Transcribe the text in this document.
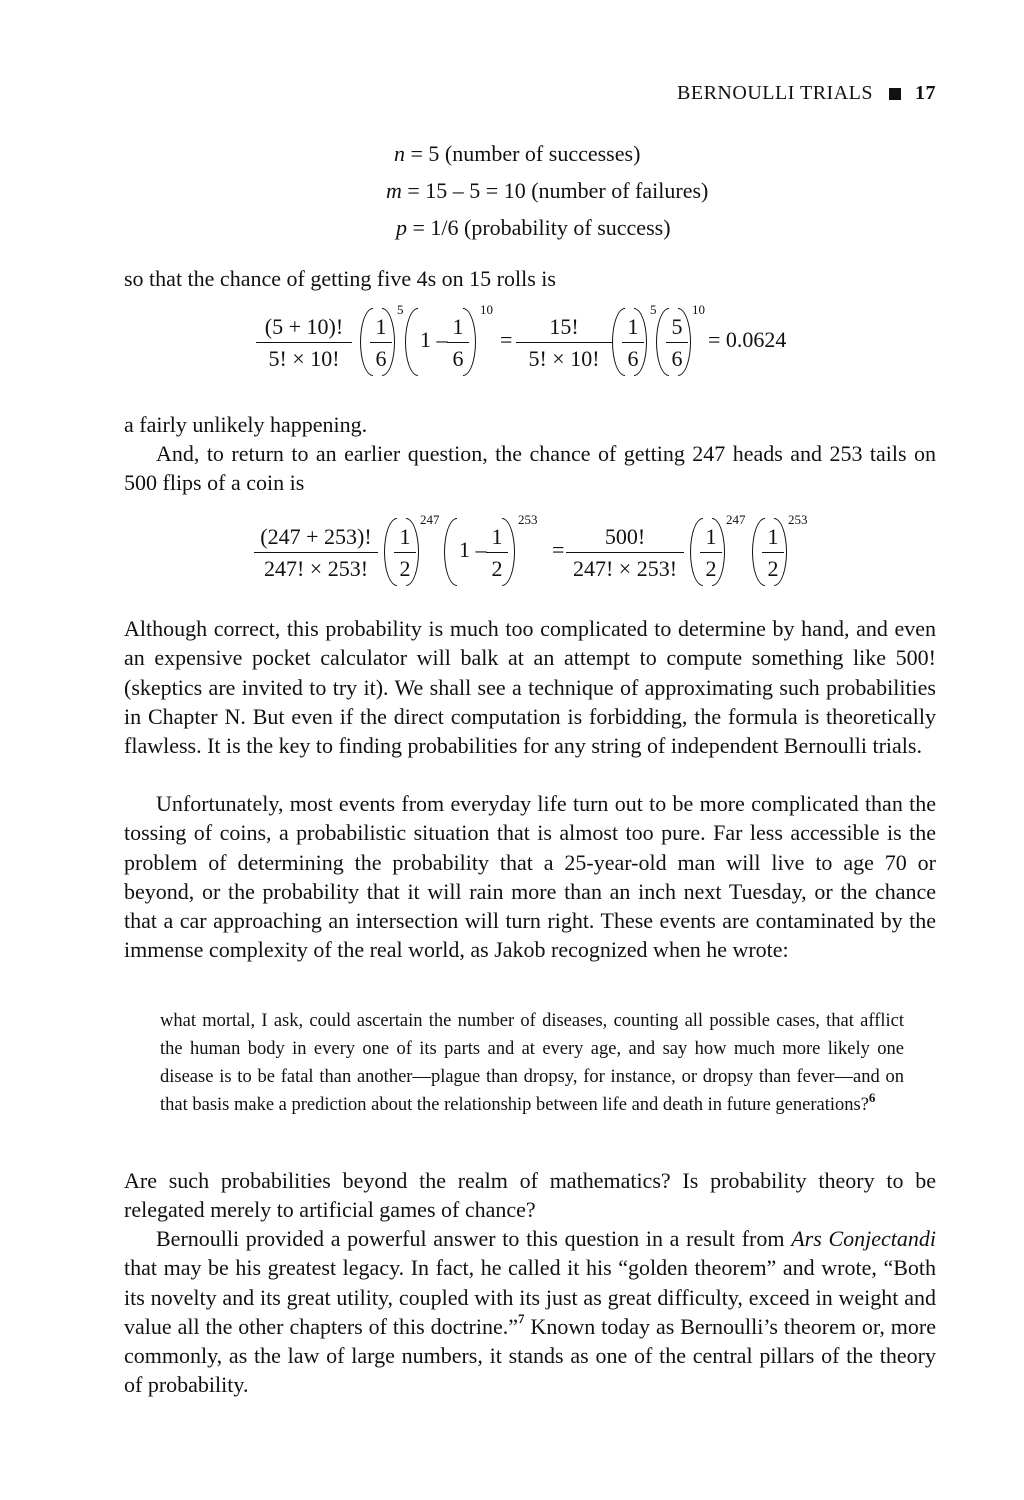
BERNOULLI TRIALS 17
n = 5 (number of successes)
m = 15 – 5 = 10 (number of failures)
p = 1/6 (probability of success)
so that the chance of getting five 4s on 15 rolls is
(5 + 10)!
5! × 10!
1
6
5
1 –
1
6
10
=
15!
5! × 10!
1
6
5
5
6
10
= 0.0624
a fairly unlikely happening.
And, to return to an earlier question, the chance of getting 247 heads and 253 tails on 500 flips of a coin is
(247 + 253)!
247! × 253!
1
2
247
1 –
1
2
253
=
500!
247! × 253!
1
2
247
1
2
253
Although correct, this probability is much too complicated to determine by hand, and even an expensive pocket calculator will balk at an attempt to compute something like 500! (skeptics are invited to try it). We shall see a technique of approximating such probabilities in Chapter N. But even if the direct computation is forbidding, the formula is theoretically flawless. It is the key to finding probabilities for any string of independent Bernoulli trials.
Unfortunately, most events from everyday life turn out to be more complicated than the tossing of coins, a probabilistic situation that is almost too pure. Far less accessible is the problem of determining the probability that a 25-year-old man will live to age 70 or beyond, or the probability that it will rain more than an inch next Tuesday, or the chance that a car approaching an intersection will turn right. These events are contaminated by the immense complexity of the real world, as Jakob recognized when he wrote:
what mortal, I ask, could ascertain the number of diseases, counting all possible cases, that afflict the human body in every one of its parts and at every age, and say how much more likely one disease is to be fatal than another—plague than dropsy, for instance, or dropsy than fever—and on that basis make a prediction about the relationship between life and death in future generations?$^6$
Are such probabilities beyond the realm of mathematics? Is probability theory to be relegated merely to artificial games of chance?
Bernoulli provided a powerful answer to this question in a result from Ars Conjectandi that may be his greatest legacy. In fact, he called it his “golden theorem” and wrote, “Both its novelty and its great utility, coupled with its just as great difficulty, exceed in weight and value all the other chapters of this doctrine.”$^7$ Known today as Bernoulli’s theorem or, more commonly, as the law of large numbers, it stands as one of the central pillars of the theory of probability.
